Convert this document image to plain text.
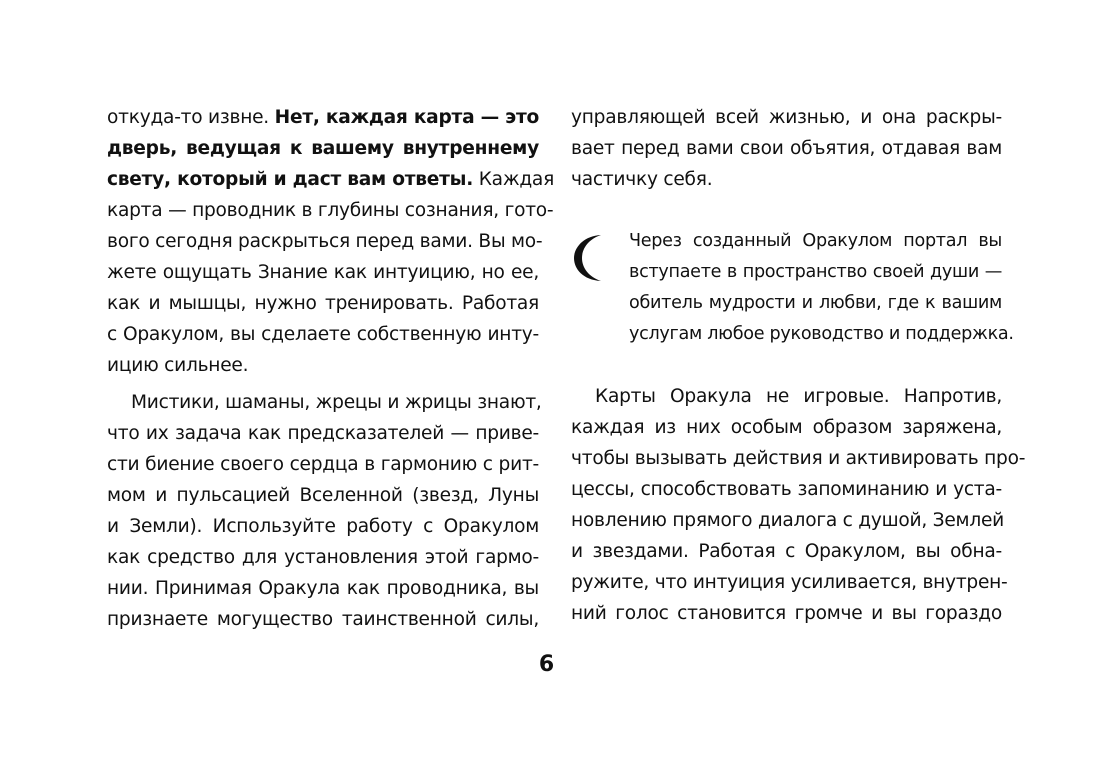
откуда-то извне. Нет, каждая карта — это
дверь, ведущая к вашему внутреннему
свету, который и даст вам ответы. Каждая
карта — проводник в глубины сознания, гото-
вого сегодня раскрыться перед вами. Вы мо-
жете ощущать Знание как интуицию, но ее,
как и мышцы, нужно тренировать. Работая
с Оракулом, вы сделаете собственную инту-
ицию сильнее.
Мистики, шаманы, жрецы и жрицы знают,
что их задача как предсказателей — приве-
сти биение своего сердца в гармонию с рит-
мом и пульсацией Вселенной (звезд, Луны
и Земли). Используйте работу с Оракулом
как средство для установления этой гармо-
нии. Принимая Оракула как проводника, вы
признаете могущество таинственной силы,
управляющей всей жизнью, и она раскры-
вает перед вами свои объятия, отдавая вам
частичку себя.
Через созданный Оракулом портал вы
вступаете в пространство своей души —
обитель мудрости и любви, где к вашим
услугам любое руководство и поддержка.
Карты Оракула не игровые. Напротив,
каждая из них особым образом заряжена,
чтобы вызывать действия и активировать про-
цессы, способствовать запоминанию и уста-
новлению прямого диалога с душой, Землей
и звездами. Работая с Оракулом, вы обна-
ружите, что интуиция усиливается, внутрен-
ний голос становится громче и вы гораздо
6
